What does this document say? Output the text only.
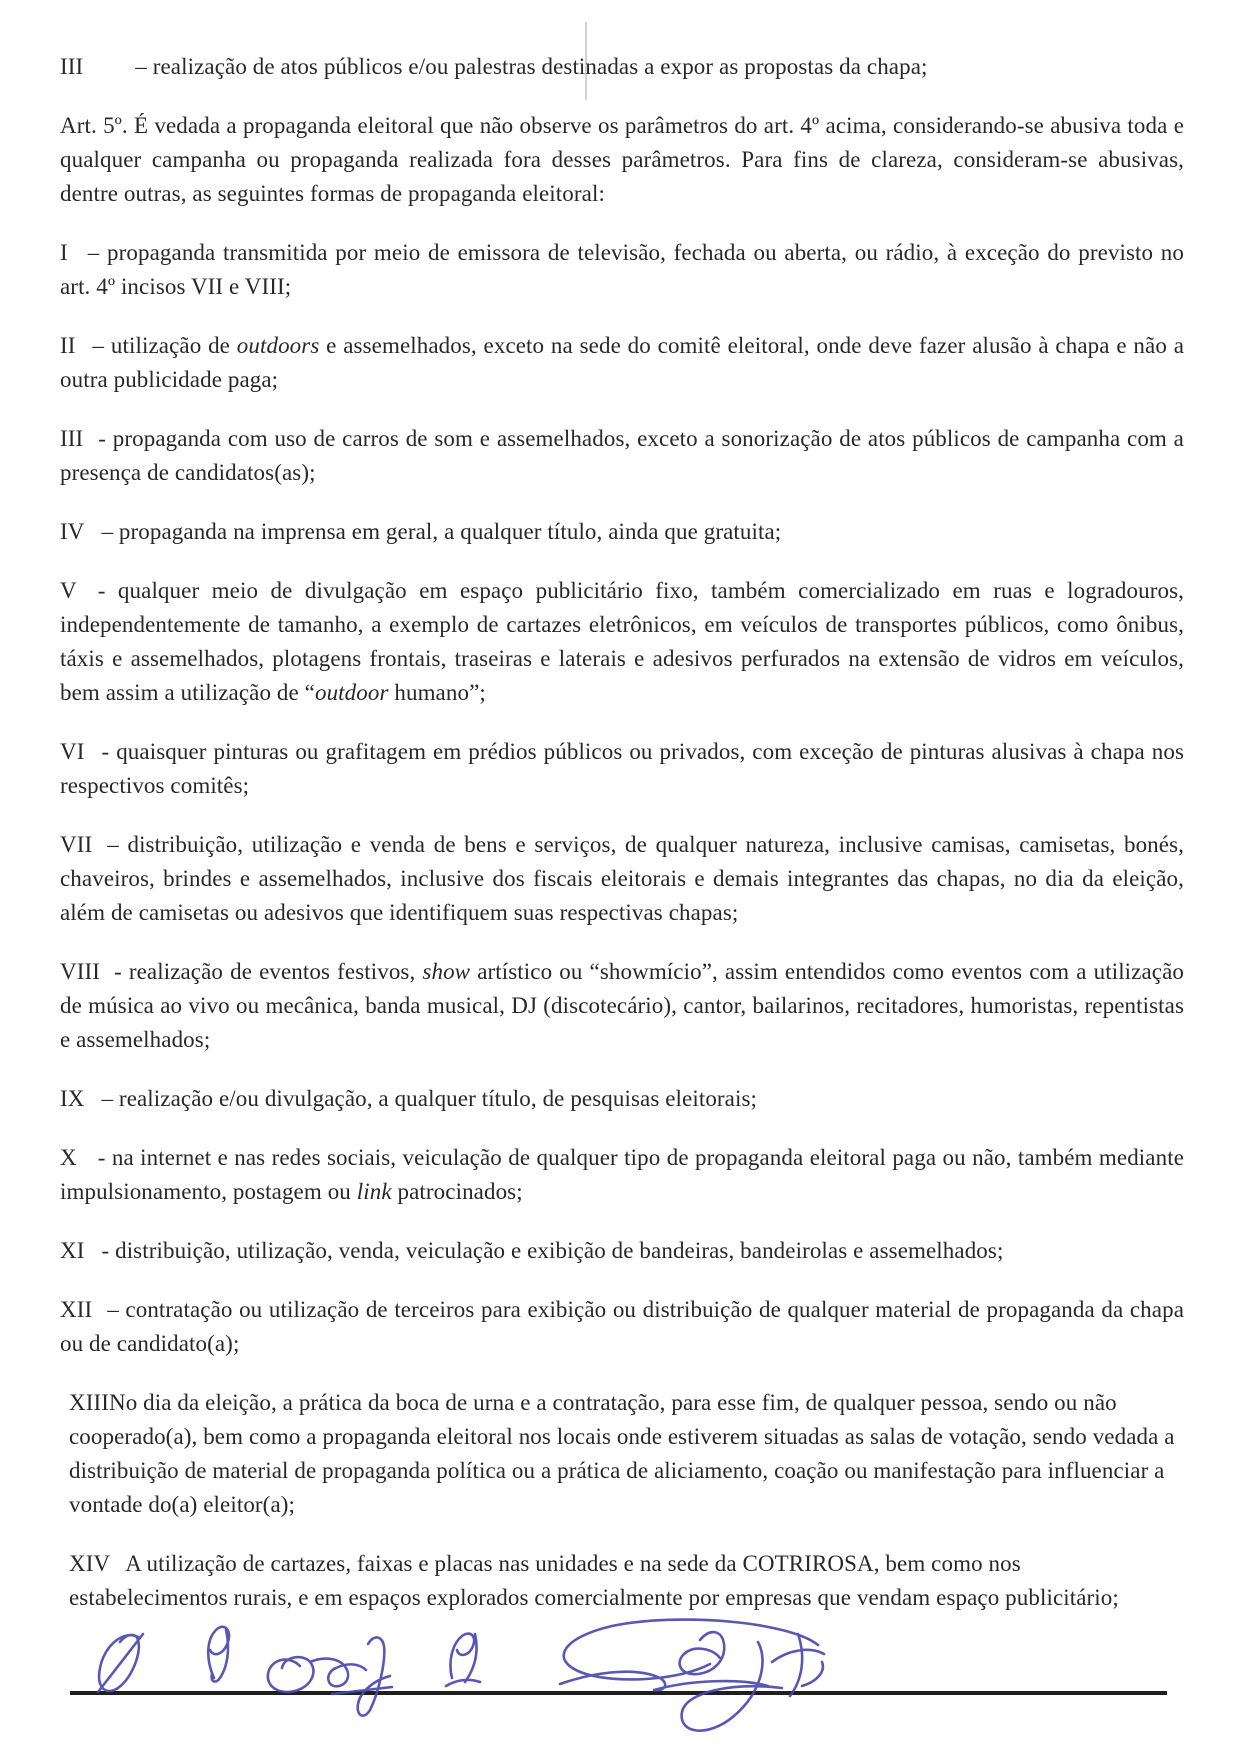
III – realização de atos públicos e/ou palestras destinadas a expor as propostas da chapa;

Art. 5º. É vedada a propaganda eleitoral que não observe os parâmetros do art. 4º acima, considerando-se abusiva toda e qualquer campanha ou propaganda realizada fora desses parâmetros. Para fins de clareza, consideram-se abusivas, dentre outras, as seguintes formas de propaganda eleitoral:

I – propaganda transmitida por meio de emissora de televisão, fechada ou aberta, ou rádio, à exceção do previsto no art. 4º incisos VII e VIII;

II – utilização de outdoors e assemelhados, exceto na sede do comitê eleitoral, onde deve fazer alusão à chapa e não a outra publicidade paga;

III - propaganda com uso de carros de som e assemelhados, exceto a sonorização de atos públicos de campanha com a presença de candidatos(as);

IV – propaganda na imprensa em geral, a qualquer título, ainda que gratuita;

V - qualquer meio de divulgação em espaço publicitário fixo, também comercializado em ruas e logradouros, independentemente de tamanho, a exemplo de cartazes eletrônicos, em veículos de transportes públicos, como ônibus, táxis e assemelhados, plotagens frontais, traseiras e laterais e adesivos perfurados na extensão de vidros em veículos, bem assim a utilização de “outdoor humano”;

VI - quaisquer pinturas ou grafitagem em prédios públicos ou privados, com exceção de pinturas alusivas à chapa nos respectivos comitês;

VII – distribuição, utilização e venda de bens e serviços, de qualquer natureza, inclusive camisas, camisetas, bonés, chaveiros, brindes e assemelhados, inclusive dos fiscais eleitorais e demais integrantes das chapas, no dia da eleição, além de camisetas ou adesivos que identifiquem suas respectivas chapas;

VIII - realização de eventos festivos, show artístico ou “showmício”, assim entendidos como eventos com a utilização de música ao vivo ou mecânica, banda musical, DJ (discotecário), cantor, bailarinos, recitadores, humoristas, repentistas e assemelhados;

IX – realização e/ou divulgação, a qualquer título, de pesquisas eleitorais;

X - na internet e nas redes sociais, veiculação de qualquer tipo de propaganda eleitoral paga ou não, também mediante impulsionamento, postagem ou link patrocinados;

XI - distribuição, utilização, venda, veiculação e exibição de bandeiras, bandeirolas e assemelhados;

XII – contratação ou utilização de terceiros para exibição ou distribuição de qualquer material de propaganda da chapa ou de candidato(a);

XIIINo dia da eleição, a prática da boca de urna e a contratação, para esse fim, de qualquer pessoa, sendo ou não cooperado(a), bem como a propaganda eleitoral nos locais onde estiverem situadas as salas de votação, sendo vedada a distribuição de material de propaganda política ou a prática de aliciamento, coação ou manifestação para influenciar a vontade do(a) eleitor(a);

XIV A utilização de cartazes, faixas e placas nas unidades e na sede da COTRIROSA, bem como nos estabelecimentos rurais, e em espaços explorados comercialmente por empresas que vendam espaço publicitário;
